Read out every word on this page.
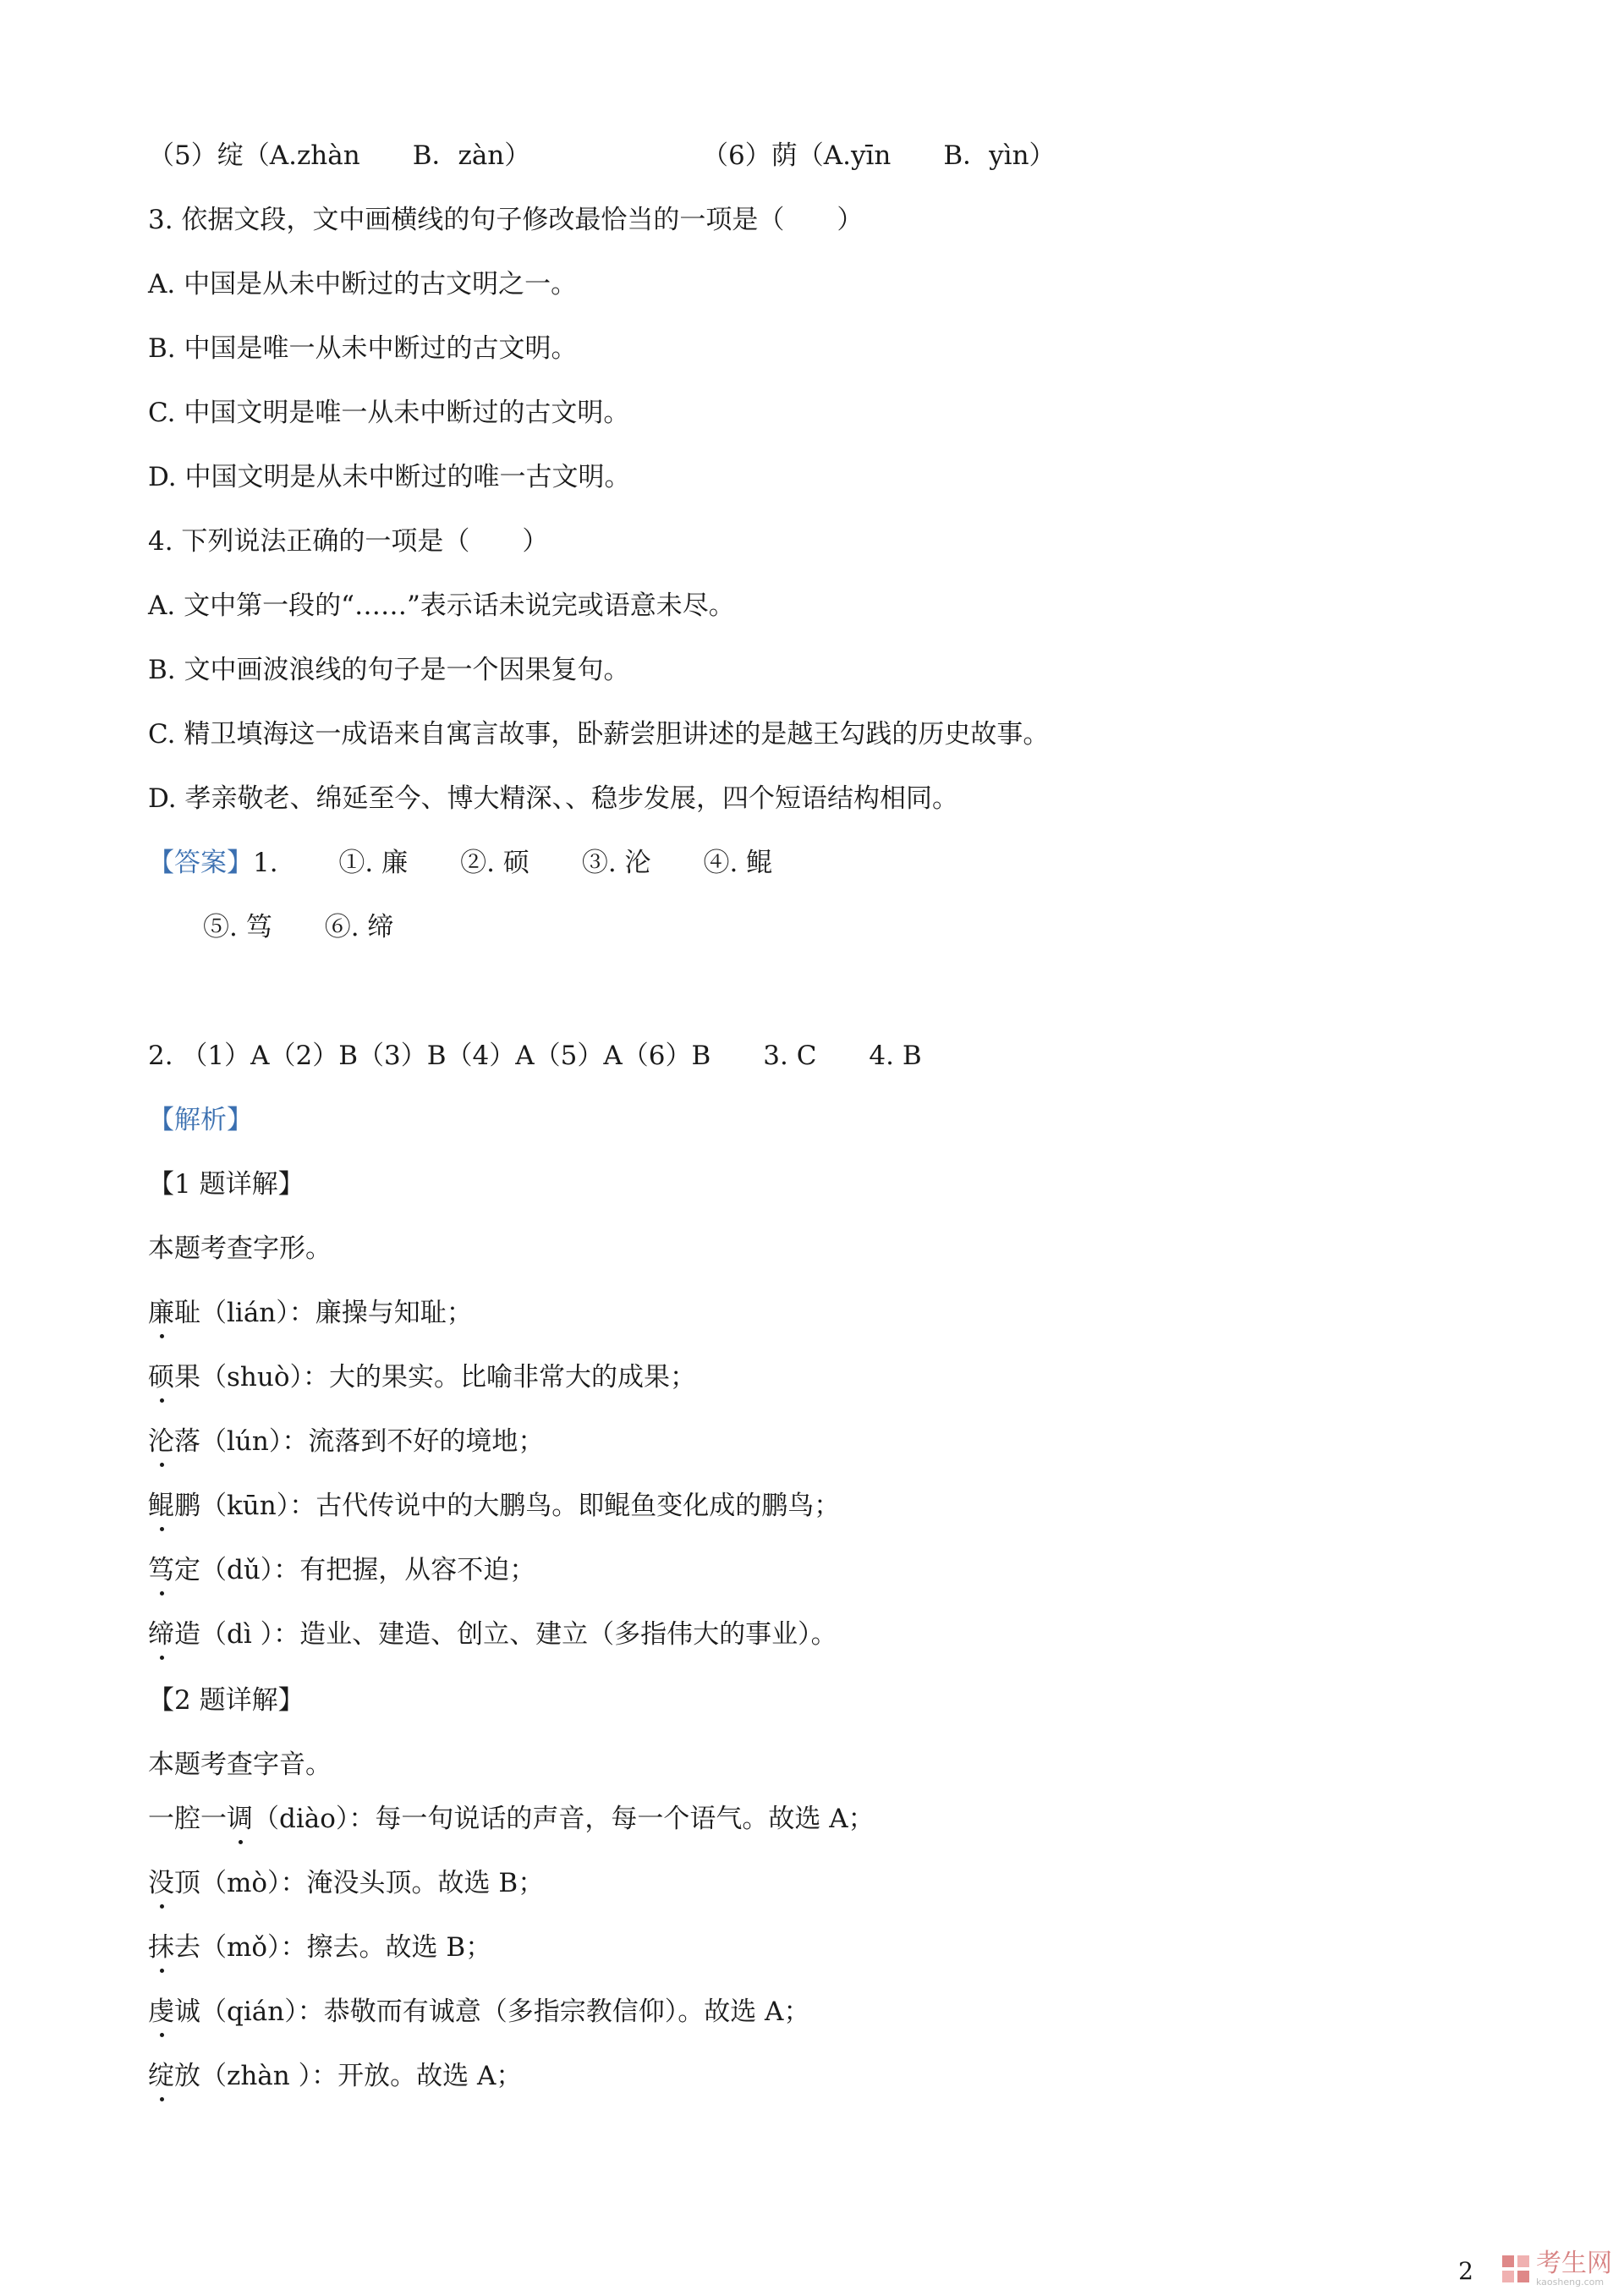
（5）绽（A.zhàn　　B．zàn）	（6）荫（A.yīn　　B．yìn）
3. 依据文段，文中画横线的句子修改最恰当的一项是（　　）
A. 中国是从未中断过的古文明之一。
B. 中国是唯一从未中断过的古文明。
C. 中国文明是唯一从未中断过的古文明。
D. 中国文明是从未中断过的唯一古文明。
4. 下列说法正确的一项是（　　）
A. 文中第一段的“……”表示话未说完或语意未尽。
B. 文中画波浪线的句子是一个因果复句。
C. 精卫填海这一成语来自寓言故事，卧薪尝胆讲述的是越王勾践的历史故事。
D. 孝亲敬老、绵延至今、博大精深、、稳步发展，四个短语结构相同。
【答案】1.　　 ①. 廉　　②. 硕　　③. 沦　　④. 鲲
⑤. 笃　　⑥. 缔
2. （1）A（2）B（3）B（4）A（5）A（6）B　　3. C　　4. B
【解析】
【1 题详解】
本题考查字形。
廉耻（lián）：廉操与知耻；
硕果（shuò）：大的果实。比喻非常大的成果；
沦落（lún）：流落到不好的境地；
鲲鹏（kūn）：古代传说中的大鹏鸟。即鲲鱼变化成的鹏鸟；
笃定（dǔ）：有把握，从容不迫；
缔造（dì ）：造业、建造、创立、建立（多指伟大的事业）。
【2 题详解】
本题考查字音。
一腔一调（diào）：每一句说话的声音，每一个语气。故选 A；
没顶（mò）：淹没头顶。故选 B；
抹去（mǒ）：擦去。故选 B；
虔诚（qián）：恭敬而有诚意（多指宗教信仰）。故选 A；
绽放（zhàn ）：开放。故选 A；
2 考生网
kaosheng.com
